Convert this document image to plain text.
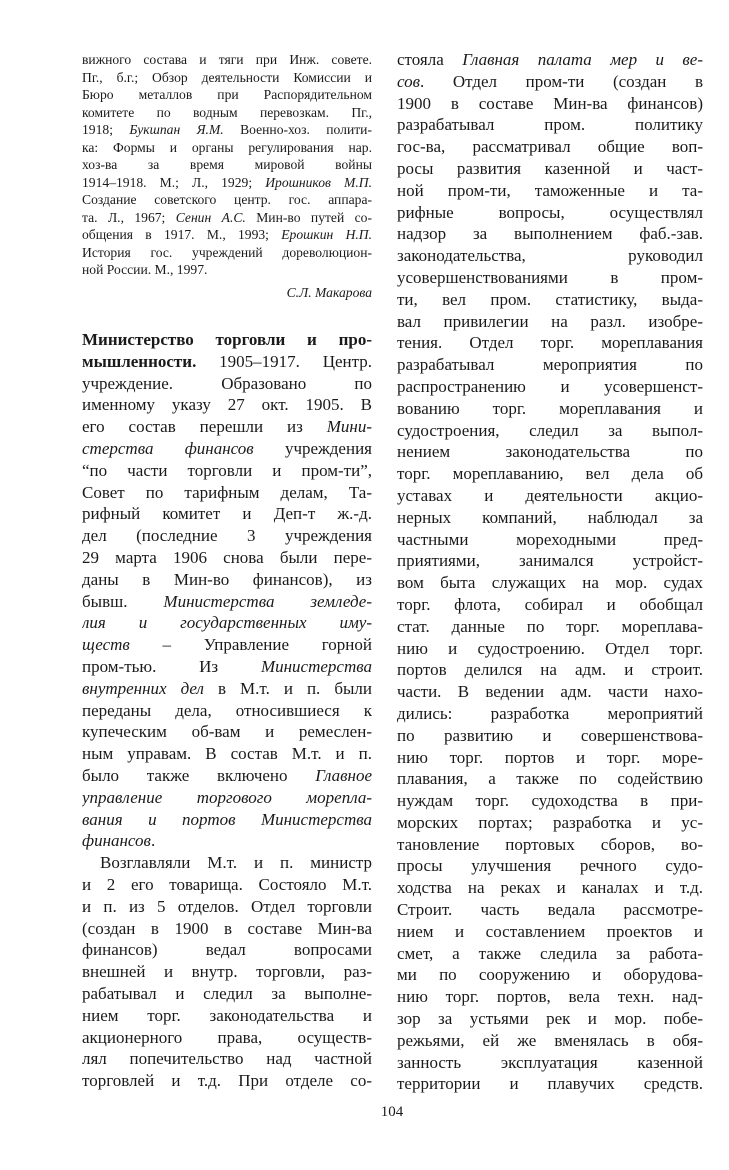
вижного состава и тяги при Инж. совете.
Пг., б.г.; Обзор деятельности Комиссии и
Бюро металлов при Распорядительном
комитете по водным перевозкам. Пг.,
1918; Букшпан Я.М. Военно-хоз. полити-
ка: Формы и органы регулирования нар.
хоз-ва за время мировой войны
1914–1918. М.; Л., 1929; Ирошников М.П.
Создание советского центр. гос. аппара-
та. Л., 1967; Сенин А.С. Мин-во путей со-
общения в 1917. М., 1993; Ерошкин Н.П.
История гос. учреждений дореволюцион-
ной России. М., 1997.
С.Л. Макарова
Министерство торговли и про-
мышленности. 1905–1917. Центр.
учреждение. Образовано по
именному указу 27 окт. 1905. В
его состав перешли из Мини-
стерства финансов учреждения
“по части торговли и пром-ти”,
Совет по тарифным делам, Та-
рифный комитет и Деп-т ж.-д.
дел (последние 3 учреждения
29 марта 1906 снова были пере-
даны в Мин-во финансов), из
бывш. Министерства земледе-
лия и государственных иму-
ществ – Управление горной
пром-тью. Из Министерства
внутренних дел в М.т. и п. были
переданы дела, относившиеся к
купеческим об-вам и ремеслен-
ным управам. В состав М.т. и п.
было также включено Главное
управление торгового морепла-
вания и портов Министерства
финансов.
Возглавляли М.т. и п. министр
и 2 его товарища. Состояло М.т.
и п. из 5 отделов. Отдел торговли
(создан в 1900 в составе Мин-ва
финансов) ведал вопросами
внешней и внутр. торговли, раз-
рабатывал и следил за выполне-
нием торг. законодательства и
акционерного права, осуществ-
лял попечительство над частной
торговлей и т.д. При отделе со-
стояла Главная палата мер и ве-
сов. Отдел пром-ти (создан в
1900 в составе Мин-ва финансов)
разрабатывал пром. политику
гос-ва, рассматривал общие воп-
росы развития казенной и част-
ной пром-ти, таможенные и та-
рифные вопросы, осуществлял
надзор за выполнением фаб.-зав.
законодательства, руководил
усовершенствованиями в пром-
ти, вел пром. статистику, выда-
вал привилегии на разл. изобре-
тения. Отдел торг. мореплавания
разрабатывал мероприятия по
распространению и усовершенст-
вованию торг. мореплавания и
судостроения, следил за выпол-
нением законодательства по
торг. мореплаванию, вел дела об
уставах и деятельности акцио-
нерных компаний, наблюдал за
частными мореходными пред-
приятиями, занимался устройст-
вом быта служащих на мор. судах
торг. флота, собирал и обобщал
стат. данные по торг. мореплава-
нию и судостроению. Отдел торг.
портов делился на адм. и строит.
части. В ведении адм. части нахо-
дились: разработка мероприятий
по развитию и совершенствова-
нию торг. портов и торг. море-
плавания, а также по содействию
нуждам торг. судоходства в при-
морских портах; разработка и ус-
тановление портовых сборов, во-
просы улучшения речного судо-
ходства на реках и каналах и т.д.
Строит. часть ведала рассмотре-
нием и составлением проектов и
смет, а также следила за работа-
ми по сооружению и оборудова-
нию торг. портов, вела техн. над-
зор за устьями рек и мор. побе-
режьями, ей же вменялась в обя-
занность эксплуатация казенной
территории и плавучих средств.
104
